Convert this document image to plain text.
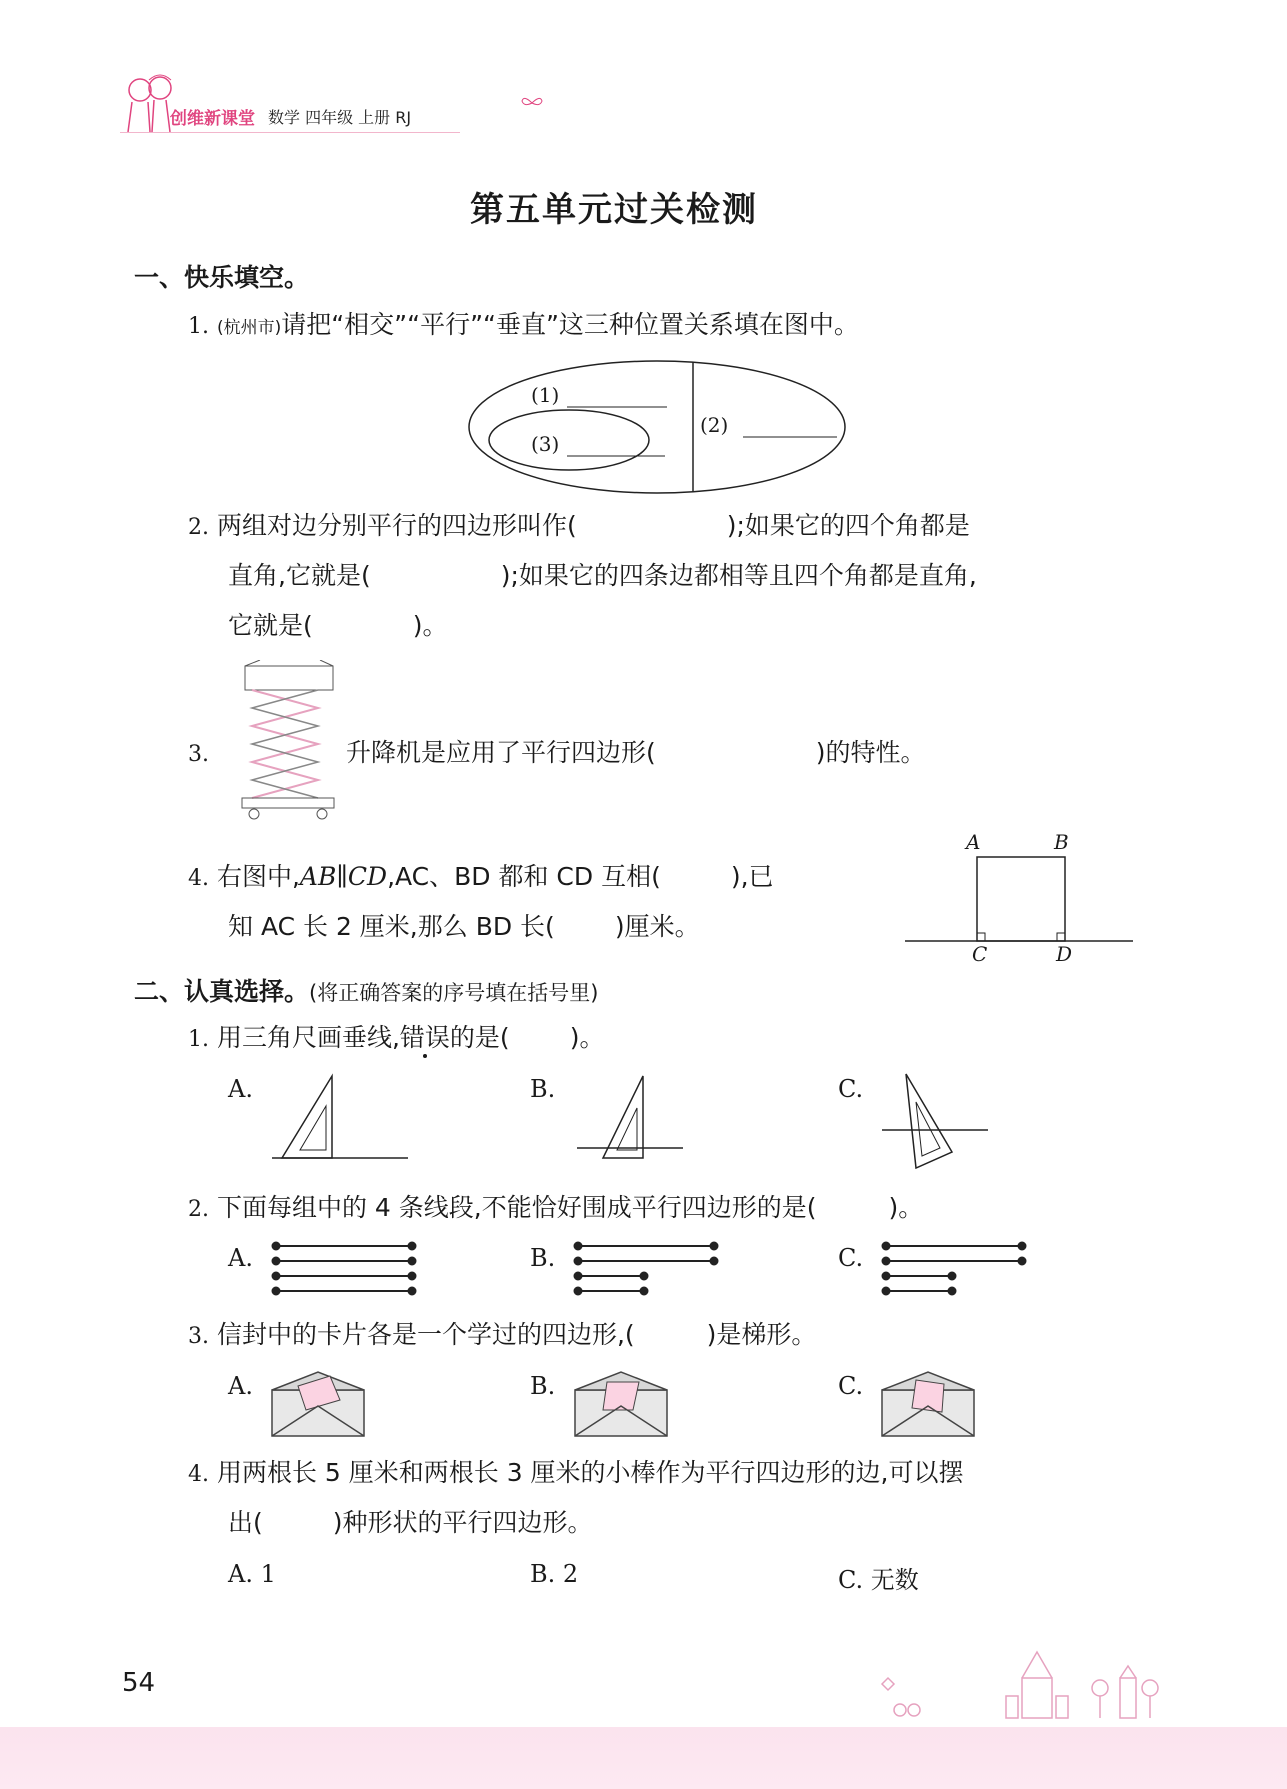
创维新课堂 数学 四年级 上册 RJ
第五单元过关检测
一、快乐填空。
1. (杭州市)请把“相交”“平行”“垂直”这三种位置关系填在图中。
(1)
(2)
(3)
2. 两组对边分别平行的四边形叫作(	);如果它的四个角都是
直角,它就是(	);如果它的四条边都相等且四个角都是直角,
它就是(	)。
3.	升降机是应用了平行四边形(	)的特性。
4. 右图中,AB∥CD,AC、BD 都和 CD 互相(	),已
知 AC 长 2 厘米,那么 BD 长( )厘米。
A	B
C	D
二、认真选择。(将正确答案的序号填在括号里)
1. 用三角尺画垂线,错误的是( )。
A.	B.	C.
2. 下面每组中的 4 条线段,不能恰好围成平行四边形的是(	)。
A.	B.	C.
3. 信封中的卡片各是一个学过的四边形,(	)是梯形。
A.	B.	C.
4. 用两根长 5 厘米和两根长 3 厘米的小棒作为平行四边形的边,可以摆
出(	)种形状的平行四边形。
A. 1	B. 2	C. 无数
54
